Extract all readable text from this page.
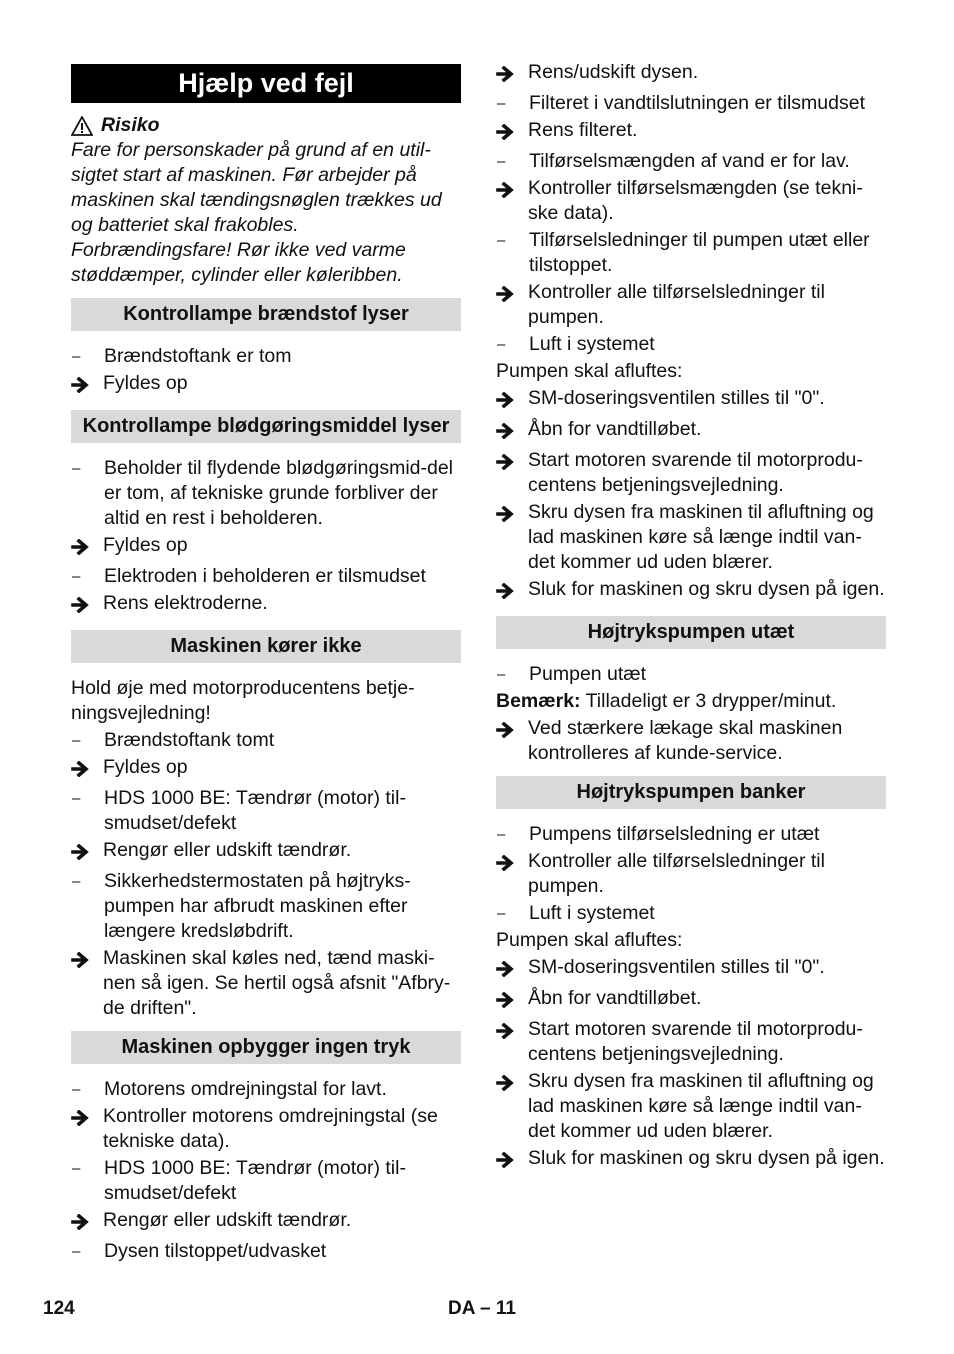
Hjælp ved fejl
Risiko

Fare for personskader på grund af en util-

sigtet start af maskinen. Før arbejder på

maskinen skal tændingsnøglen trækkes ud

og batteriet skal frakobles.

Forbrændingsfare! Rør ikke ved varme

støddæmper, cylinder eller køleribben.

Kontrollampe brændstof lyser
–	Brændstoftank er tom
Fyldes op
Kontrollampe blødgøringsmiddel lyser
–	Beholder til flydende blødgøringsmid-del er tom, af tekniske grunde forbliver der altid en rest i beholderen.
Fyldes op
–	Elektroden i beholderen er tilsmudset
Rens elektroderne.
Maskinen kører ikke
Hold øje med motorproducentens betje-ningsvejledning!
–	Brændstoftank tomt
Fyldes op
–	HDS 1000 BE: Tændrør (motor) til-smudset/defekt
Rengør eller udskift tændrør.
–	Sikkerhedstermostaten på højtryks-pumpen har afbrudt maskinen efter længere kredsløbdrift.
Maskinen skal køles ned, tænd maski-nen så igen. Se hertil også afsnit "Afbry-de driften".
Maskinen opbygger ingen tryk
–	Motorens omdrejningstal for lavt.
Kontroller motorens omdrejningstal (se tekniske data).
–	HDS 1000 BE: Tændrør (motor) til-smudset/defekt
Rengør eller udskift tændrør.
–	Dysen tilstoppet/udvasket
Rens/udskift dysen.
–	Filteret i vandtilslutningen er tilsmudset
Rens filteret.
–	Tilførselsmængden af vand er for lav.
Kontroller tilførselsmængden (se tekni-ske data).
–	Tilførselsledninger til pumpen utæt eller tilstoppet.
Kontroller alle tilførselsledninger til pumpen.
–	Luft i systemet
Pumpen skal afluftes:
SM-doseringsventilen stilles til "0".
Åbn for vandtilløbet.
Start motoren svarende til motorprodu-centens betjeningsvejledning.
Skru dysen fra maskinen til afluftning og lad maskinen køre så længe indtil van-det kommer ud uden blærer.
Sluk for maskinen og skru dysen på igen.
Højtrykspumpen utæt
–	Pumpen utæt
Bemærk: Tilladeligt er 3 drypper/minut.
Ved stærkere lækage skal maskinen kontrolleres af kunde-service.
Højtrykspumpen banker
–	Pumpens tilførselsledning er utæt
Kontroller alle tilførselsledninger til pumpen.
–	Luft i systemet
Pumpen skal afluftes:
SM-doseringsventilen stilles til "0".
Åbn for vandtilløbet.
Start motoren svarende til motorprodu-centens betjeningsvejledning.
Skru dysen fra maskinen til afluftning og lad maskinen køre så længe indtil van-det kommer ud uden blærer.
Sluk for maskinen og skru dysen på igen.
124	DA – 11
